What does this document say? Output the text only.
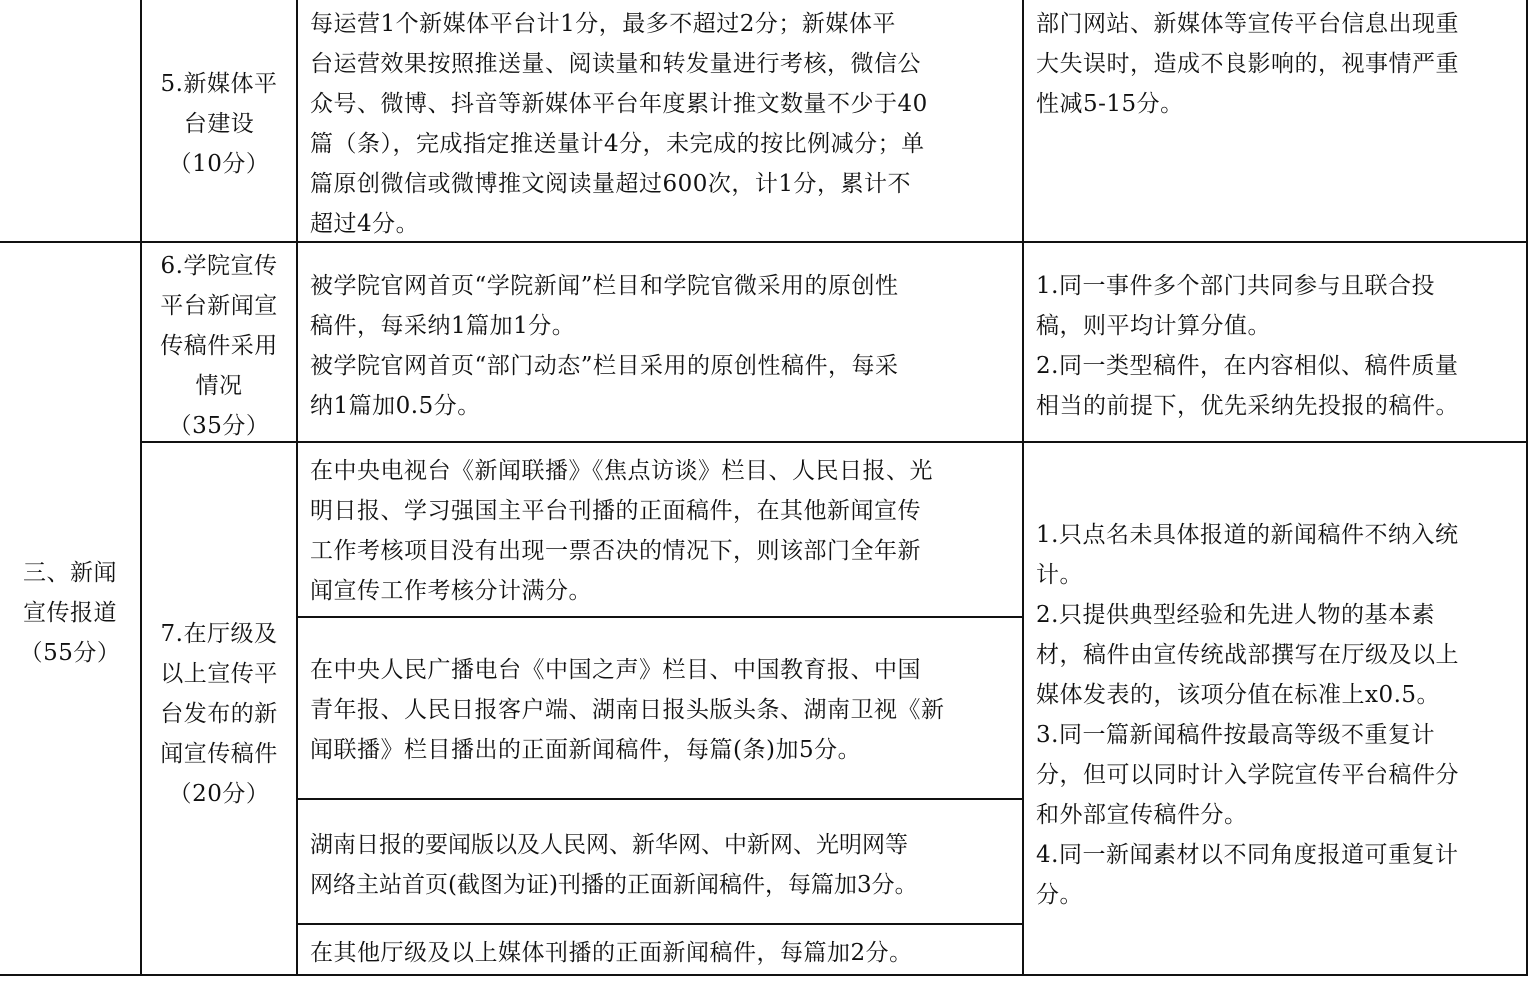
三、新闻
宣传报道
（55分）
5.新媒体平
台建设
（10分）
每运营1个新媒体平台计1分，最多不超过2分；新媒体平
台运营效果按照推送量、阅读量和转发量进行考核，微信公
众号、微博、抖音等新媒体平台年度累计推文数量不少于40
篇（条），完成指定推送量计4分，未完成的按比例减分；单
篇原创微信或微博推文阅读量超过600次，计1分，累计不
超过4分。
部门网站、新媒体等宣传平台信息出现重
大失误时，造成不良影响的，视事情严重
性减5-15分。
6.学院宣传
平台新闻宣
传稿件采用
情况
（35分）
被学院官网首页“学院新闻”栏目和学院官微采用的原创性
稿件，每采纳1篇加1分。
被学院官网首页“部门动态”栏目采用的原创性稿件，每采
纳1篇加0.5分。
1.同一事件多个部门共同参与且联合投
稿，则平均计算分值。
2.同一类型稿件，在内容相似、稿件质量
相当的前提下，优先采纳先投报的稿件。
7.在厅级及
以上宣传平
台发布的新
闻宣传稿件
（20分）
在中央电视台《新闻联播》《焦点访谈》栏目、人民日报、光
明日报、学习强国主平台刊播的正面稿件，在其他新闻宣传
工作考核项目没有出现一票否决的情况下，则该部门全年新
闻宣传工作考核分计满分。
在中央人民广播电台《中国之声》栏目、中国教育报、中国
青年报、人民日报客户端、湖南日报头版头条、湖南卫视《新
闻联播》栏目播出的正面新闻稿件，每篇(条)加5分。
湖南日报的要闻版以及人民网、新华网、中新网、光明网等
网络主站首页(截图为证)刊播的正面新闻稿件，每篇加3分。
在其他厅级及以上媒体刊播的正面新闻稿件，每篇加2分。
1.只点名未具体报道的新闻稿件不纳入统
计。
2.只提供典型经验和先进人物的基本素
材，稿件由宣传统战部撰写在厅级及以上
媒体发表的，该项分值在标准上x0.5。
3.同一篇新闻稿件按最高等级不重复计
分，但可以同时计入学院宣传平台稿件分
和外部宣传稿件分。
4.同一新闻素材以不同角度报道可重复计
分。
